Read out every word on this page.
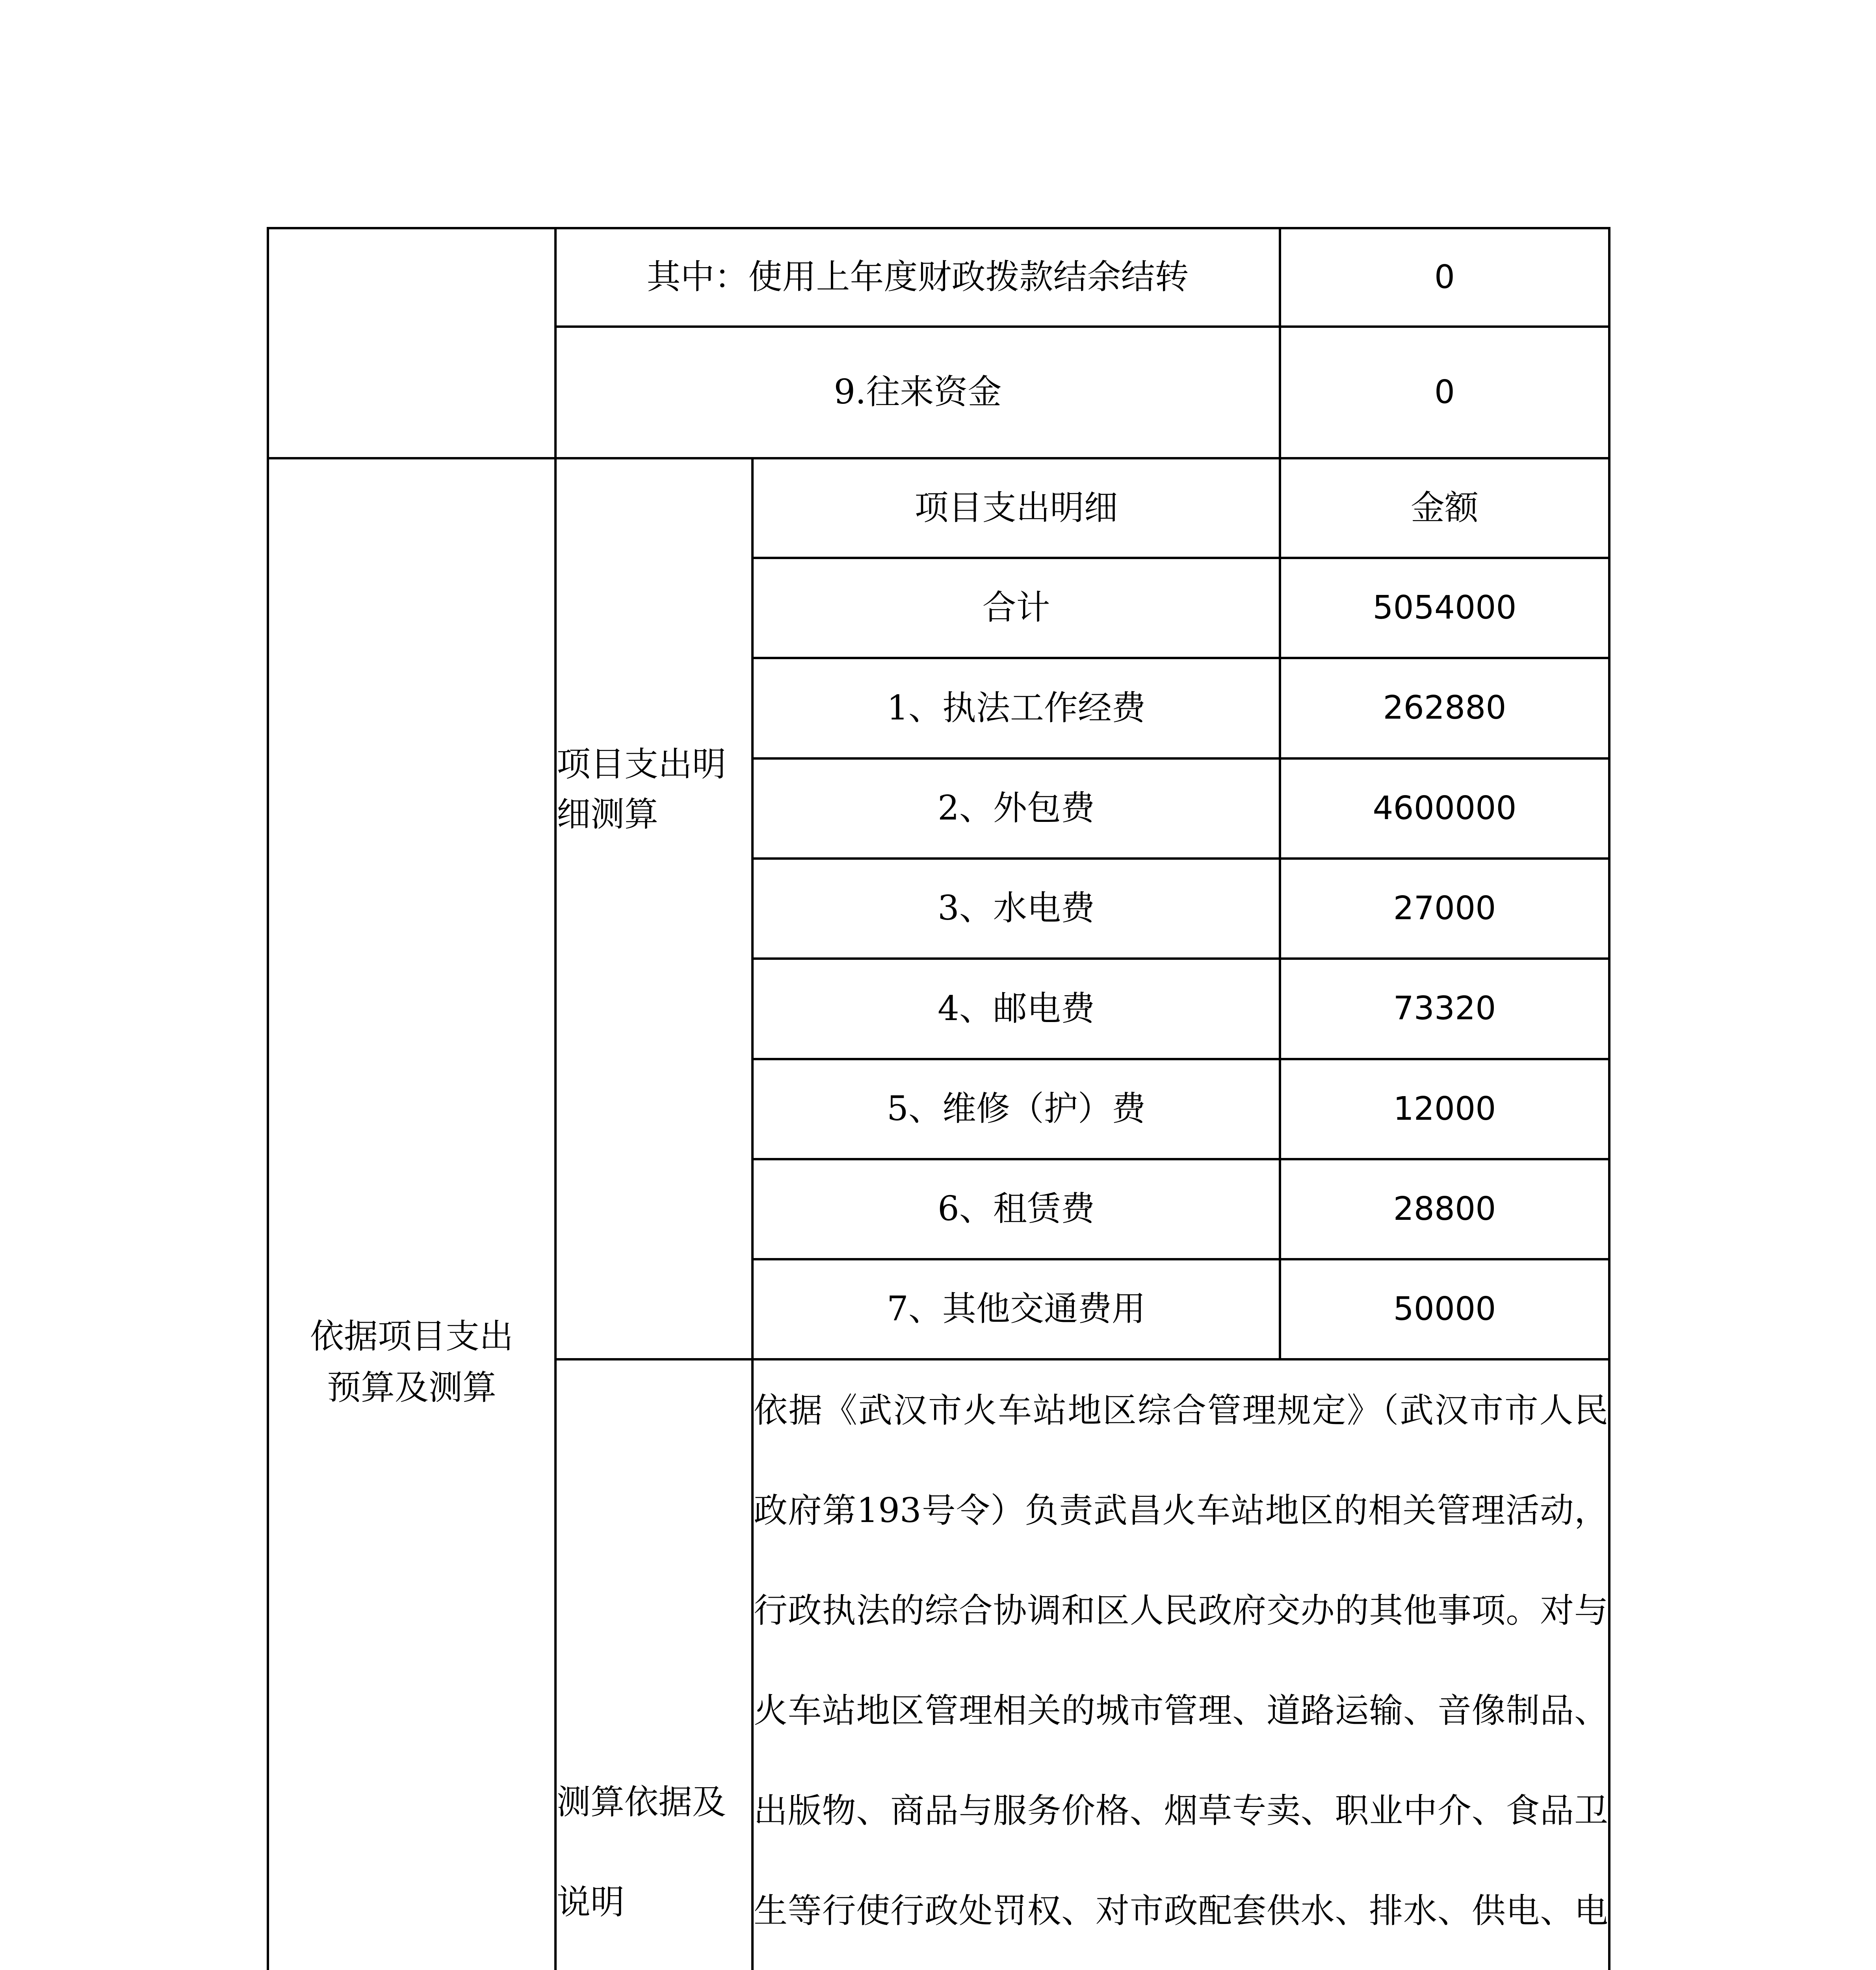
其中：使用上年度财政拨款结余结转	0
9.往来资金	0
依据项目支出预算及测算
项目支出明细测算
项目支出明细	金额
合计	5054000
1、执法工作经费	262880
2、外包费	4600000
3、水电费	27000
4、邮电费	73320
5、维修（护）费	12000
6、租赁费	28800
7、其他交通费用	50000
测算依据及说明
依据《武汉市火车站地区综合管理规定》（武汉市市人民政府第193号令）负责武昌火车站地区的相关管理活动，行政执法的综合协调和区人民政府交办的其他事项。对与火车站地区管理相关的城市管理、道路运输、音像制品、出版物、商品与服务价格、烟草专卖、职业中介、食品卫生等行使行政处罚权、对市政配套供水、排水、供电、电
